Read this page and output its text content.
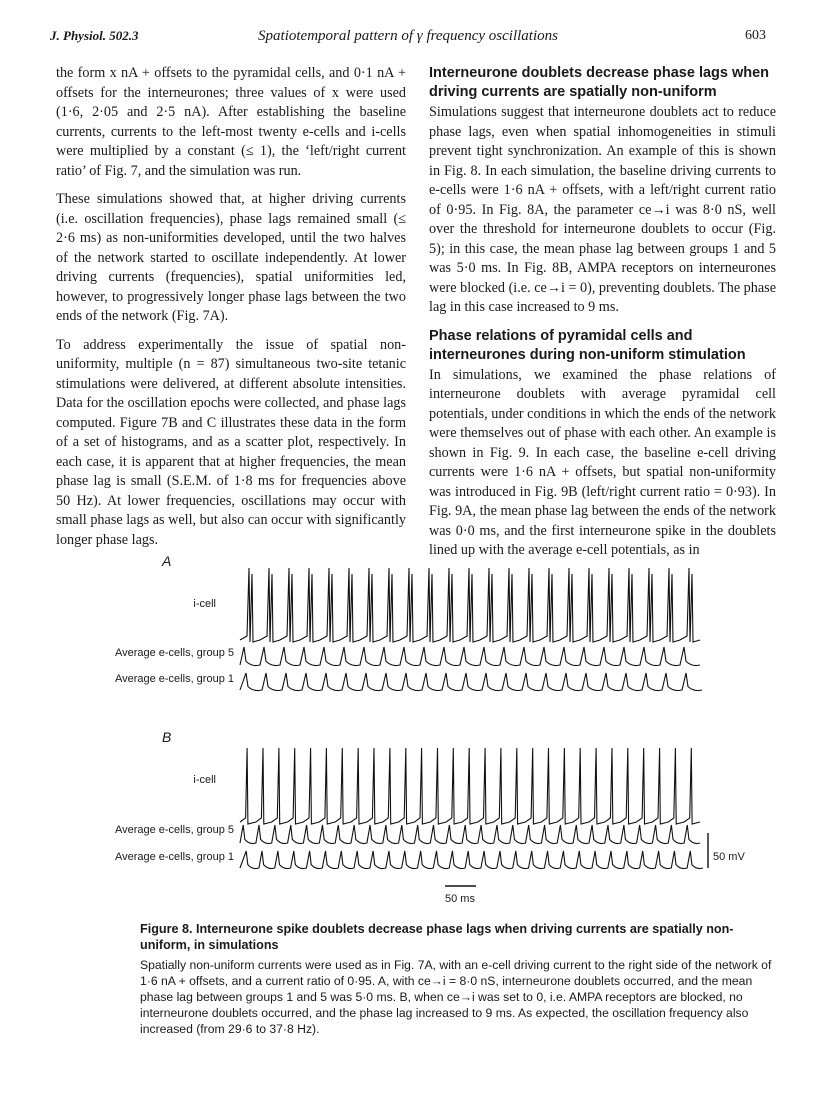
J. Physiol. 502.3	Spatiotemporal pattern of γ frequency oscillations	603

the form x nA + offsets to the pyramidal cells, and 0·1 nA + offsets for the interneurones; three values of x were used (1·6, 2·05 and 2·5 nA). After establishing the baseline currents, currents to the left-most twenty e-cells and i-cells were multiplied by a constant (≤ 1), the ‘left/right current ratio’ of Fig. 7, and the simulation was run.

These simulations showed that, at higher driving currents (i.e. oscillation frequencies), phase lags remained small (≤ 2·6 ms) as non-uniformities developed, until the two halves of the network started to oscillate independently. At lower driving currents (frequencies), spatial uniformities led, however, to progressively longer phase lags between the two ends of the network (Fig. 7A).

To address experimentally the issue of spatial non-uniformity, multiple (n = 87) simultaneous two-site tetanic stimulations were delivered, at different absolute intensities. Data for the oscillation epochs were collected, and phase lags computed. Figure 7B and C illustrates these data in the form of a set of histograms, and as a scatter plot, respectively. In each case, it is apparent that at higher frequencies, the mean phase lag is small (S.E.M. of 1·8 ms for frequencies above 50 Hz). At lower frequencies, oscillations may occur with small phase lags as well, but also can occur with significantly longer phase lags.

Interneurone doublets decrease phase lags when driving currents are spatially non-uniform

Simulations suggest that interneurone doublets act to reduce phase lags, even when spatial inhomogeneities in stimuli prevent tight synchronization. An example of this is shown in Fig. 8. In each simulation, the baseline driving currents to e-cells were 1·6 nA + offsets, with a left/right current ratio of 0·95. In Fig. 8A, the parameter ce→i was 8·0 nS, well over the threshold for interneurone doublets to occur (Fig. 5); in this case, the mean phase lag between groups 1 and 5 was 5·0 ms. In Fig. 8B, AMPA receptors on interneurones were blocked (i.e. ce→i = 0), preventing doublets. The phase lag in this case increased to 9 ms.

Phase relations of pyramidal cells and interneurones during non-uniform stimulation

In simulations, we examined the phase relations of interneurone doublets with average pyramidal cell potentials, under conditions in which the ends of the network were themselves out of phase with each other. An example is shown in Fig. 9. In each case, the baseline e-cell driving currents were 1·6 nA + offsets, but spatial non-uniformity was introduced in Fig. 9B (left/right current ratio = 0·93). In Fig. 9A, the mean phase lag between the ends of the network was 0·0 ms, and the first interneurone spike in the doublets lined up with the average e-cell potentials, as in

A
i-cell
Average e-cells, group 5
Average e-cells, group 1
B
i-cell
Average e-cells, group 5
Average e-cells, group 1	50 mV
50 ms
Figure 8. Interneurone spike doublets decrease phase lags when driving currents are spatially non-uniform, in simulations
Spatially non-uniform currents were used as in Fig. 7A, with an e-cell driving current to the right side of the network of 1·6 nA + offsets, and a current ratio of 0·95. A, with ce→i = 8·0 nS, interneurone doublets occurred, and the mean phase lag between groups 1 and 5 was 5·0 ms. B, when ce→i was set to 0, i.e. AMPA receptors are blocked, no interneurone doublets occurred, and the phase lag increased to 9 ms. As expected, the oscillation frequency also increased (from 29·6 to 37·8 Hz).
